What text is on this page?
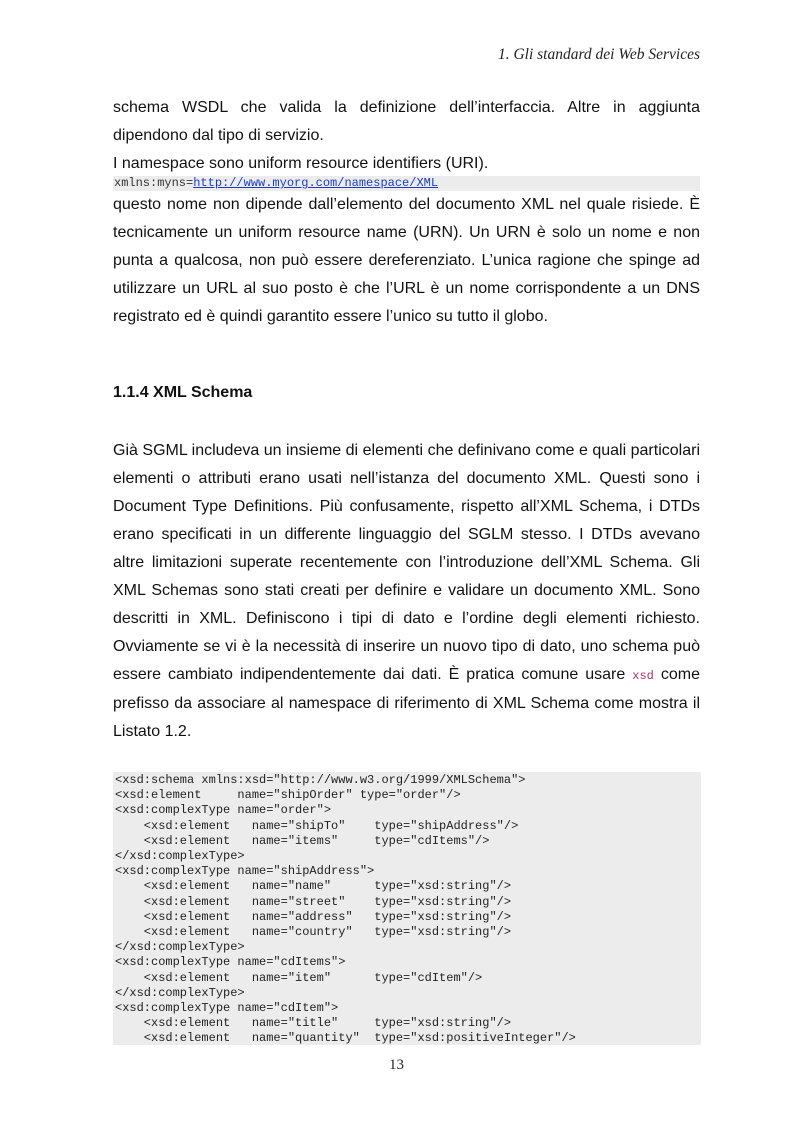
1. Gli standard dei Web Services

schema WSDL che valida la definizione dell’interfaccia. Altre in aggiunta

dipendono dal tipo di servizio.

I namespace sono uniform resource identifiers (URI).

xmlns:myns=http://www.myorg.com/namespace/XML

questo nome non dipende dall’elemento del documento XML nel quale risiede. È tecnicamente un uniform resource name (URN). Un URN è solo un nome e non punta a qualcosa, non può essere dereferenziato. L’unica ragione che spinge ad utilizzare un URL al suo posto è che l’URL è un nome corrispondente a un DNS registrato ed è quindi garantito essere l’unico su tutto il globo.

1.1.4 XML Schema

Già SGML includeva un insieme di elementi che definivano come e quali particolari elementi o attributi erano usati nell’istanza del documento XML. Questi sono i Document Type Definitions. Più confusamente, rispetto all’XML Schema, i DTDs erano specificati in un differente linguaggio del SGLM stesso. I DTDs avevano altre limitazioni superate recentemente con l’introduzione dell’XML Schema. Gli XML Schemas sono stati creati per definire e validare un documento XML. Sono descritti in XML. Definiscono i tipi di dato e l’ordine degli elementi richiesto. Ovviamente se vi è la necessità di inserire un nuovo tipo di dato, uno schema può essere cambiato indipendentemente dai dati. È pratica comune usare xsd come prefisso da associare al namespace di riferimento di XML Schema come mostra il Listato 1.2.

<xsd:schema xmlns:xsd="http://www.w3.org/1999/XMLSchema">
<xsd:element     name="shipOrder" type="order"/>
<xsd:complexType name="order">
<xsd:element   name="shipTo"    type="shipAddress"/>
<xsd:element   name="items"     type="cdItems"/>
</xsd:complexType>
<xsd:complexType name="shipAddress">
<xsd:element   name="name"      type="xsd:string"/>
<xsd:element   name="street"    type="xsd:string"/>
<xsd:element   name="address"   type="xsd:string"/>
<xsd:element   name="country"   type="xsd:string"/>
</xsd:complexType>
<xsd:complexType name="cdItems">
<xsd:element   name="item"      type="cdItem"/>
</xsd:complexType>
<xsd:complexType name="cdItem">
<xsd:element   name="title"     type="xsd:string"/>
<xsd:element   name="quantity"  type="xsd:positiveInteger"/>
13
